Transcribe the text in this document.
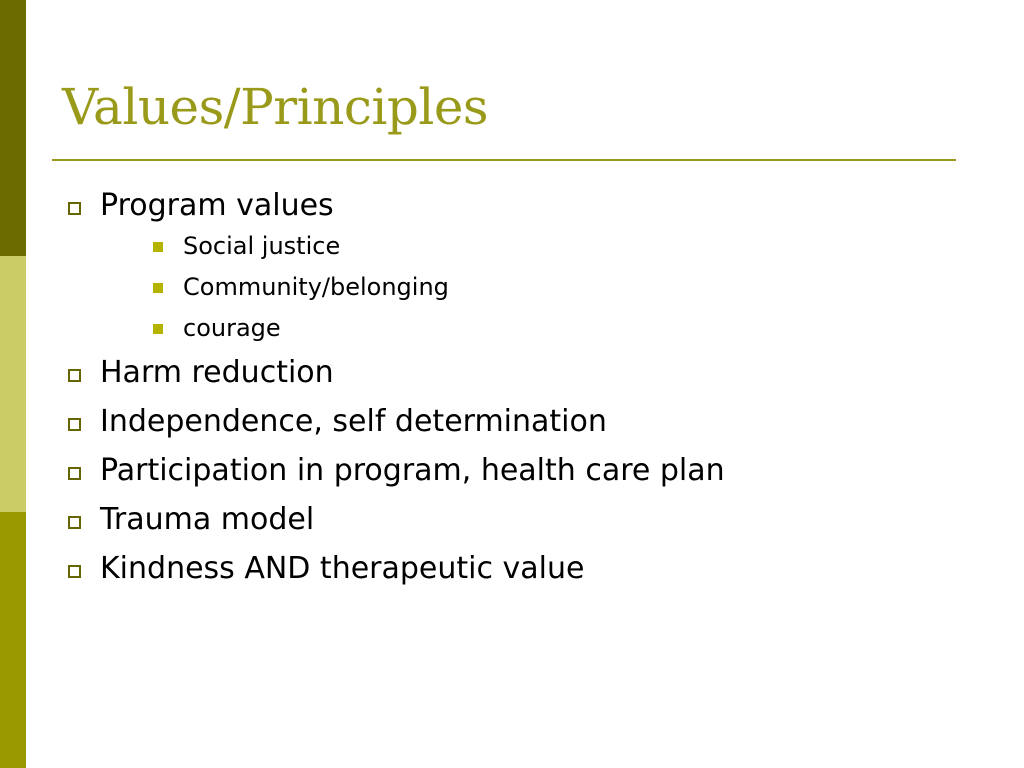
Values/Principles
Program values
Social justice
Community/belonging
courage
Harm reduction
Independence, self determination
Participation in program, health care plan
Trauma model
Kindness AND therapeutic value
